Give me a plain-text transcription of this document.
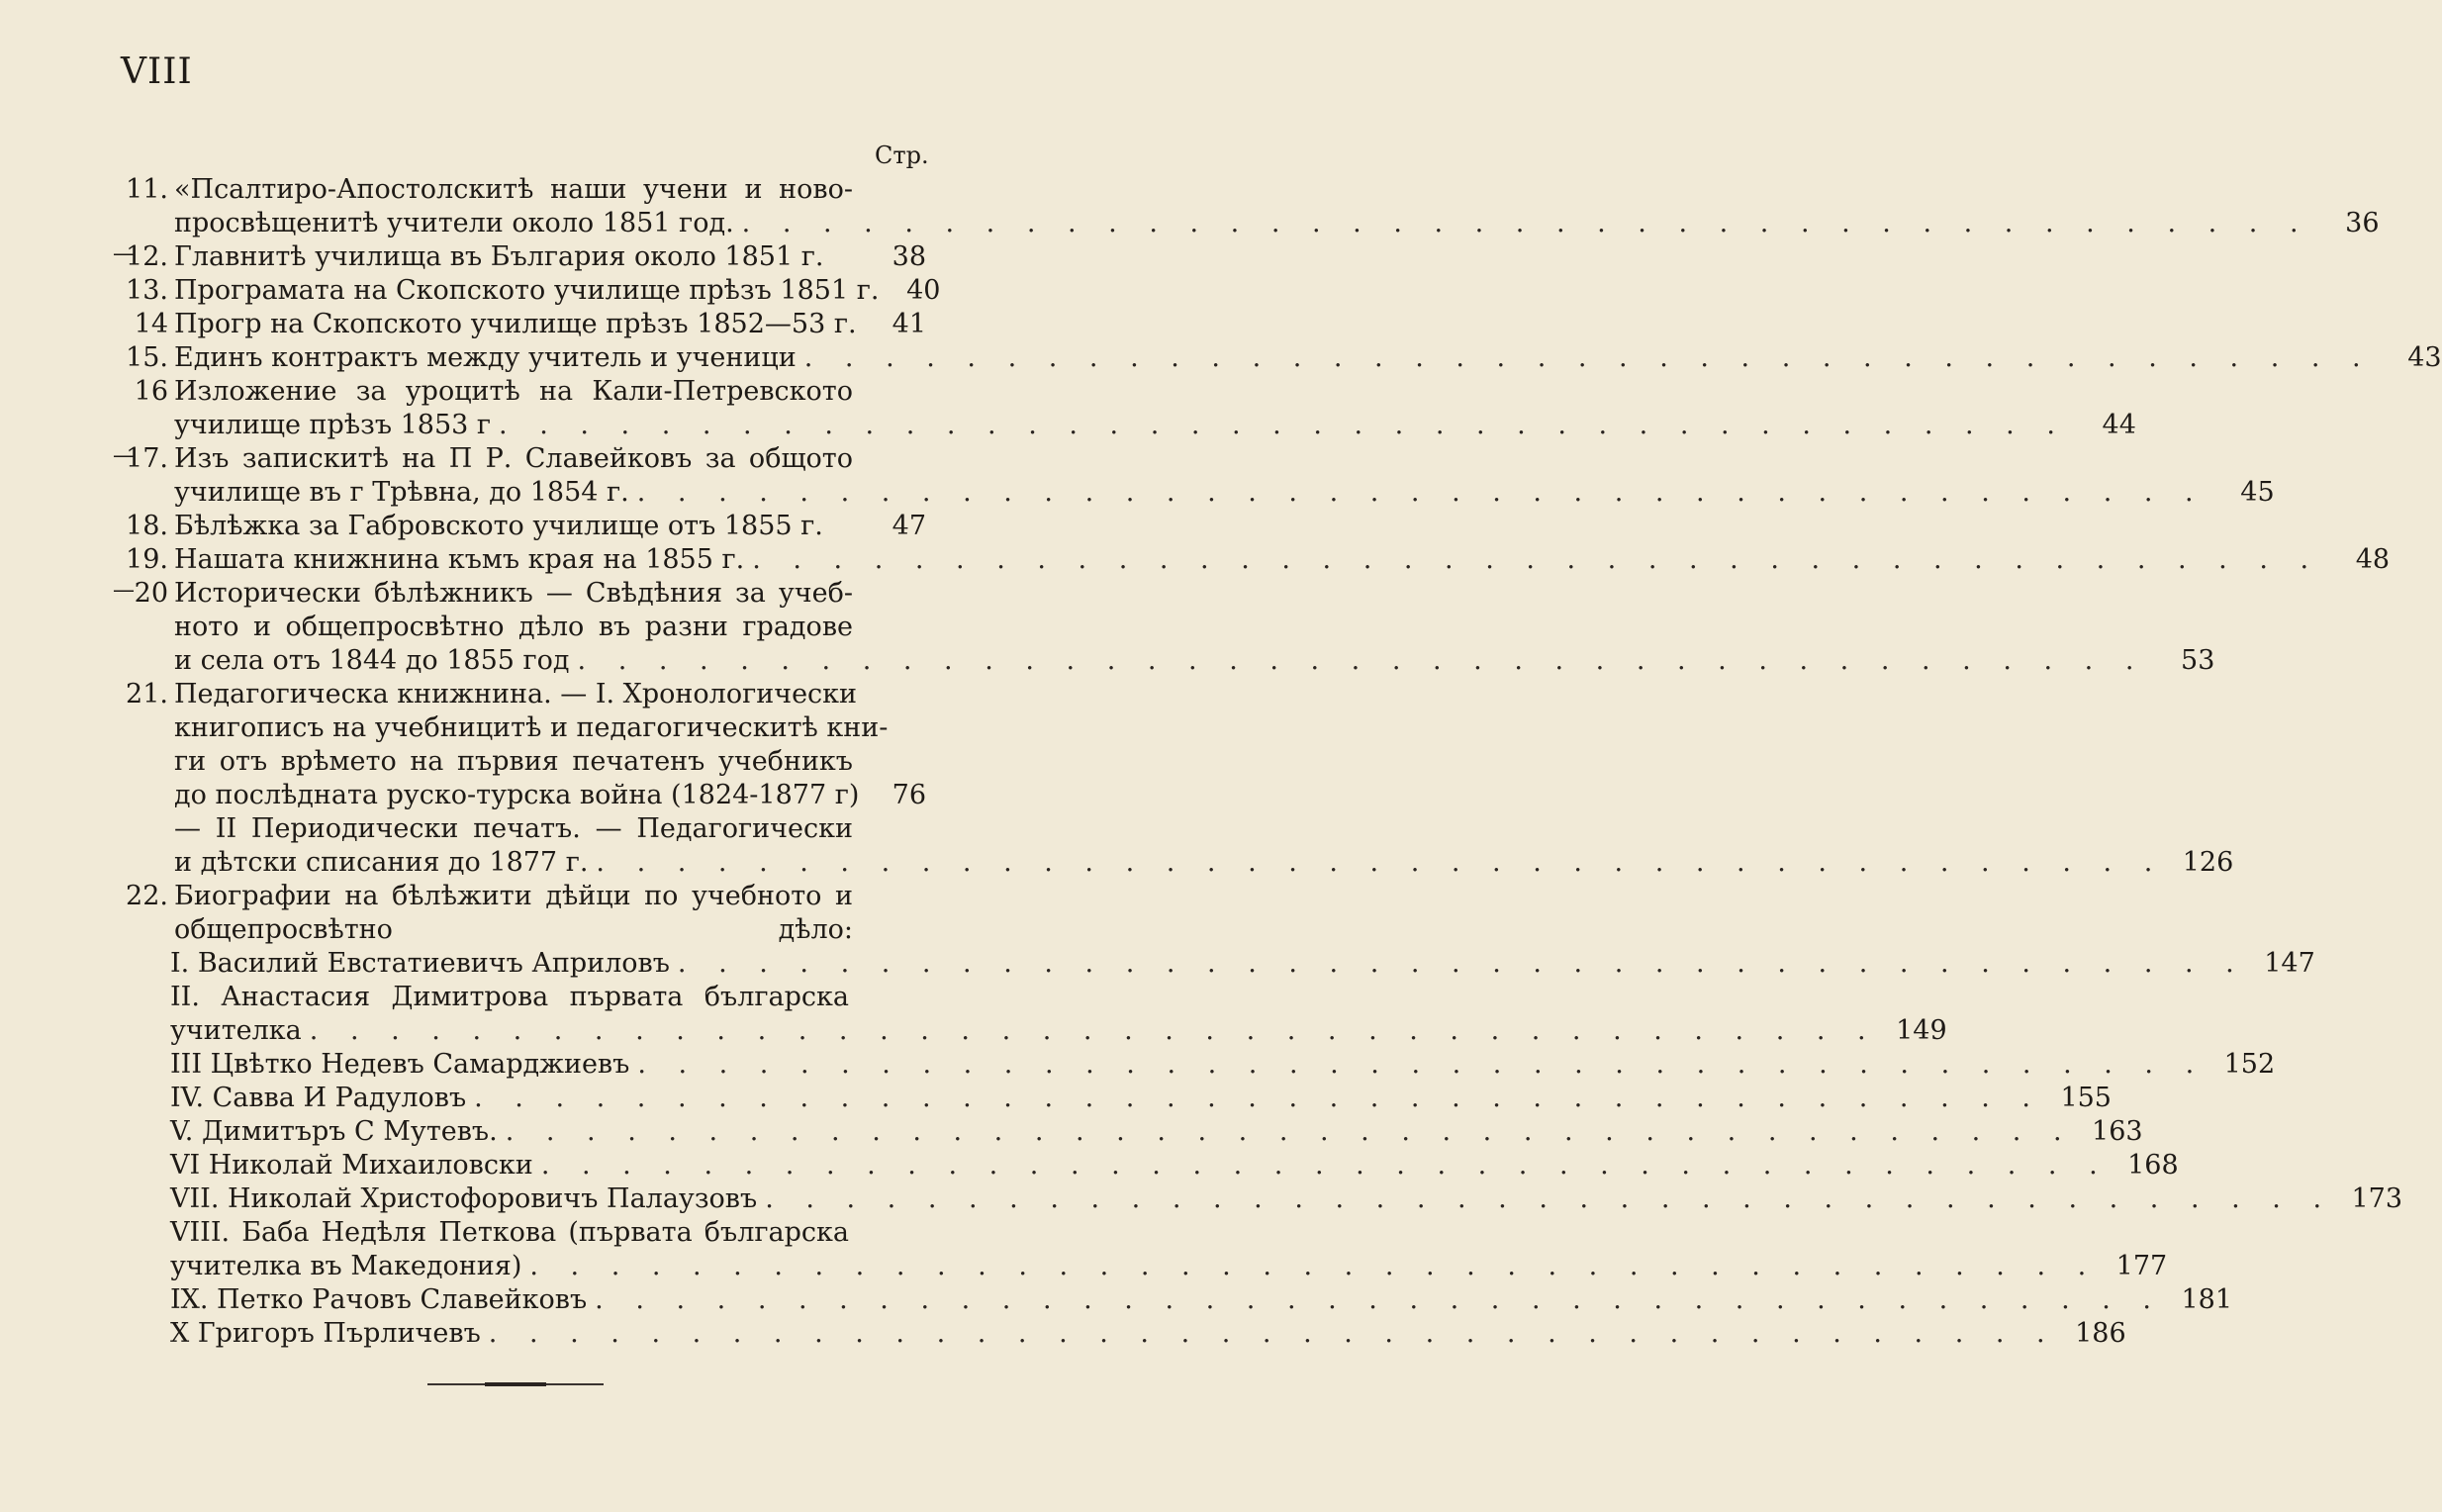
VIII
Стр.
11. «Псалтиро-Апостолскитѣ наши учени и ново-
просвѣщенитѣ учители около 1851 год. . . . . . . . . . . . . . . . . . . . . . . . . . . . . . . . . . . . . . . .	36
— 12. Главнитѣ училища въ България около 1851 г.	38
13. Програмата на Скопското училище прѣзъ 1851 г.	40
14 Прогр на Скопското училище прѣзъ 1852—53 г.	41
15. Единъ контрактъ между учитель и ученици . . . . . . . . . . . . . . . . . . . . . . . . . . . . . . . . . . . . . . .	43
16 Изложение за уроцитѣ на Кали-Петревското
училище прѣзъ 1853 г . . . . . . . . . . . . . . . . . . . . . . . . . . . . . . . . . . . . . . .	44
— 17. Изъ запискитѣ на П Р. Славейковъ за общото
училище въ г Трѣвна, до 1854 г. . . . . . . . . . . . . . . . . . . . . . . . . . . . . . . . . . . . . . . .	45
18. Бѣлѣжка за Габровското училище отъ 1855 г.	47
19. Нашата книжнина къмъ края на 1855 г. . . . . . . . . . . . . . . . . . . . . . . . . . . . . . . . . . . . . . . .	48
— 20 Исторически бѣлѣжникъ — Свѣдѣния за учеб-
ното и общепросвѣтно дѣло въ разни градове
и села отъ 1844 до 1855 год . . . . . . . . . . . . . . . . . . . . . . . . . . . . . . . . . . . . . . .	53
21. Педагогическа книжнина. — I. Хронологически
книгописъ на учебницитѣ и педагогическитѣ кни-
ги отъ врѣмето на първия печатенъ учебникъ
до послѣдната руско-турска война (1824-1877 г)	76
— II Периодически печатъ. — Педагогически
и дѣтски списания до 1877 г. . . . . . . . . . . . . . . . . . . . . . . . . . . . . . . . . . . . . . . . 126
22. Биографии на бѣлѣжити дѣйци по учебното и
общепросвѣтно дѣло:
I. Василий Евстатиевичъ Априловъ . . . . . . . . . . . . . . . . . . . . . . . . . . . . . . . . . . . . . . . 147
II. Анастасия Димитрова първата българска
учителка . . . . . . . . . . . . . . . . . . . . . . . . . . . . . . . . . . . . . . . 149
III Цвѣтко Недевъ Самарджиевъ . . . . . . . . . . . . . . . . . . . . . . . . . . . . . . . . . . . . . . . 152
IV. Савва И Радуловъ . . . . . . . . . . . . . . . . . . . . . . . . . . . . . . . . . . . . . . . 155
V. Димитъръ С Мутевъ. . . . . . . . . . . . . . . . . . . . . . . . . . . . . . . . . . . . . . . . 163
VI Николай Михаиловски . . . . . . . . . . . . . . . . . . . . . . . . . . . . . . . . . . . . . . . 168
VII. Николай Христофоровичъ Палаузовъ . . . . . . . . . . . . . . . . . . . . . . . . . . . . . . . . . . . . . . . 173
VIII. Баба Недѣля Петкова (първата българска
учителка въ Македония) . . . . . . . . . . . . . . . . . . . . . . . . . . . . . . . . . . . . . . . 177
IX. Петко Рачовъ Славейковъ . . . . . . . . . . . . . . . . . . . . . . . . . . . . . . . . . . . . . . . 181
X Григоръ Пърличевъ . . . . . . . . . . . . . . . . . . . . . . . . . . . . . . . . . . . . . . . 186
